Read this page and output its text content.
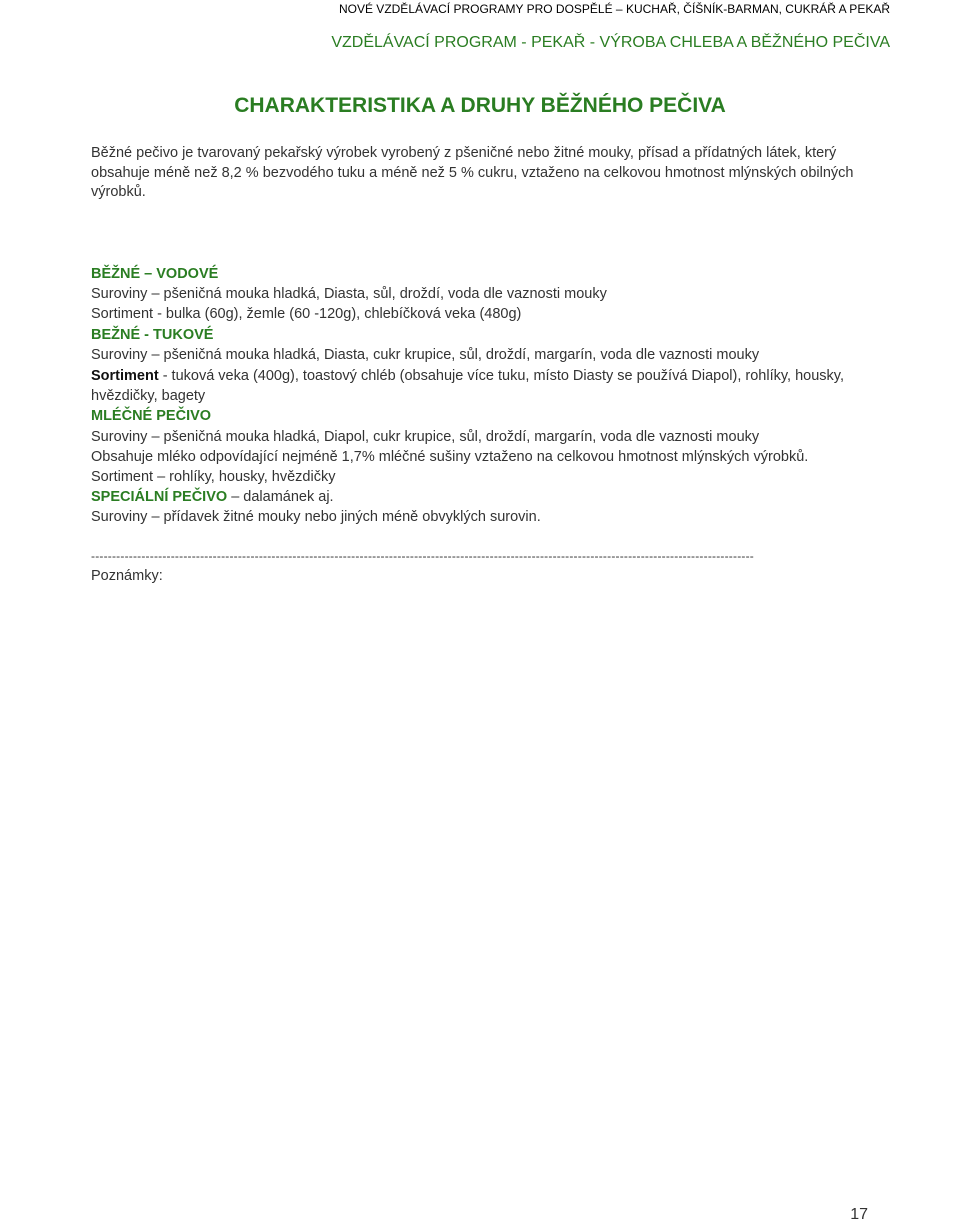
NOVÉ VZDĚLÁVACÍ PROGRAMY PRO DOSPĚLÉ – KUCHAŘ, ČÍŠNÍK-BARMAN, CUKRÁŘ A PEKAŘ
VZDĚLÁVACÍ PROGRAM - PEKAŘ - VÝROBA CHLEBA A BĚŽNÉHO PEČIVA
CHARAKTERISTIKA A DRUHY BĚŽNÉHO PEČIVA
Běžné pečivo je tvarovaný pekařský výrobek vyrobený z pšeničné nebo žitné mouky, přísad a přídatných látek, který obsahuje méně než 8,2 % bezvodého tuku a méně než 5 % cukru, vztaženo na celkovou hmotnost mlýnských obilných výrobků.

BĚŽNÉ – VODOVÉ

Suroviny – pšeničná mouka hladká, Diasta, sůl, droždí, voda dle vaznosti mouky

Sortiment - bulka (60g), žemle (60 -120g), chlebíčková veka (480g)

BEŽNÉ - TUKOVÉ

Suroviny – pšeničná mouka hladká, Diasta, cukr krupice, sůl, droždí, margarín, voda dle vaznosti mouky

Sortiment - tuková veka (400g), toastový chléb (obsahuje více tuku, místo Diasty se používá Diapol), rohlíky, housky, hvězdičky, bagety

MLÉČNÉ PEČIVO

Suroviny – pšeničná mouka hladká, Diapol, cukr krupice, sůl, droždí, margarín, voda dle vaznosti mouky

Obsahuje mléko odpovídající nejméně 1,7% mléčné sušiny vztaženo na celkovou hmotnost mlýnských výrobků.

Sortiment – rohlíky, housky, hvězdičky

SPECIÁLNÍ PEČIVO – dalamánek aj.

Suroviny – přídavek žitné mouky nebo jiných méně obvyklých surovin.

--------------------------------------------------------------------------------------------------------------------------------------------------------------
Poznámky:
17
